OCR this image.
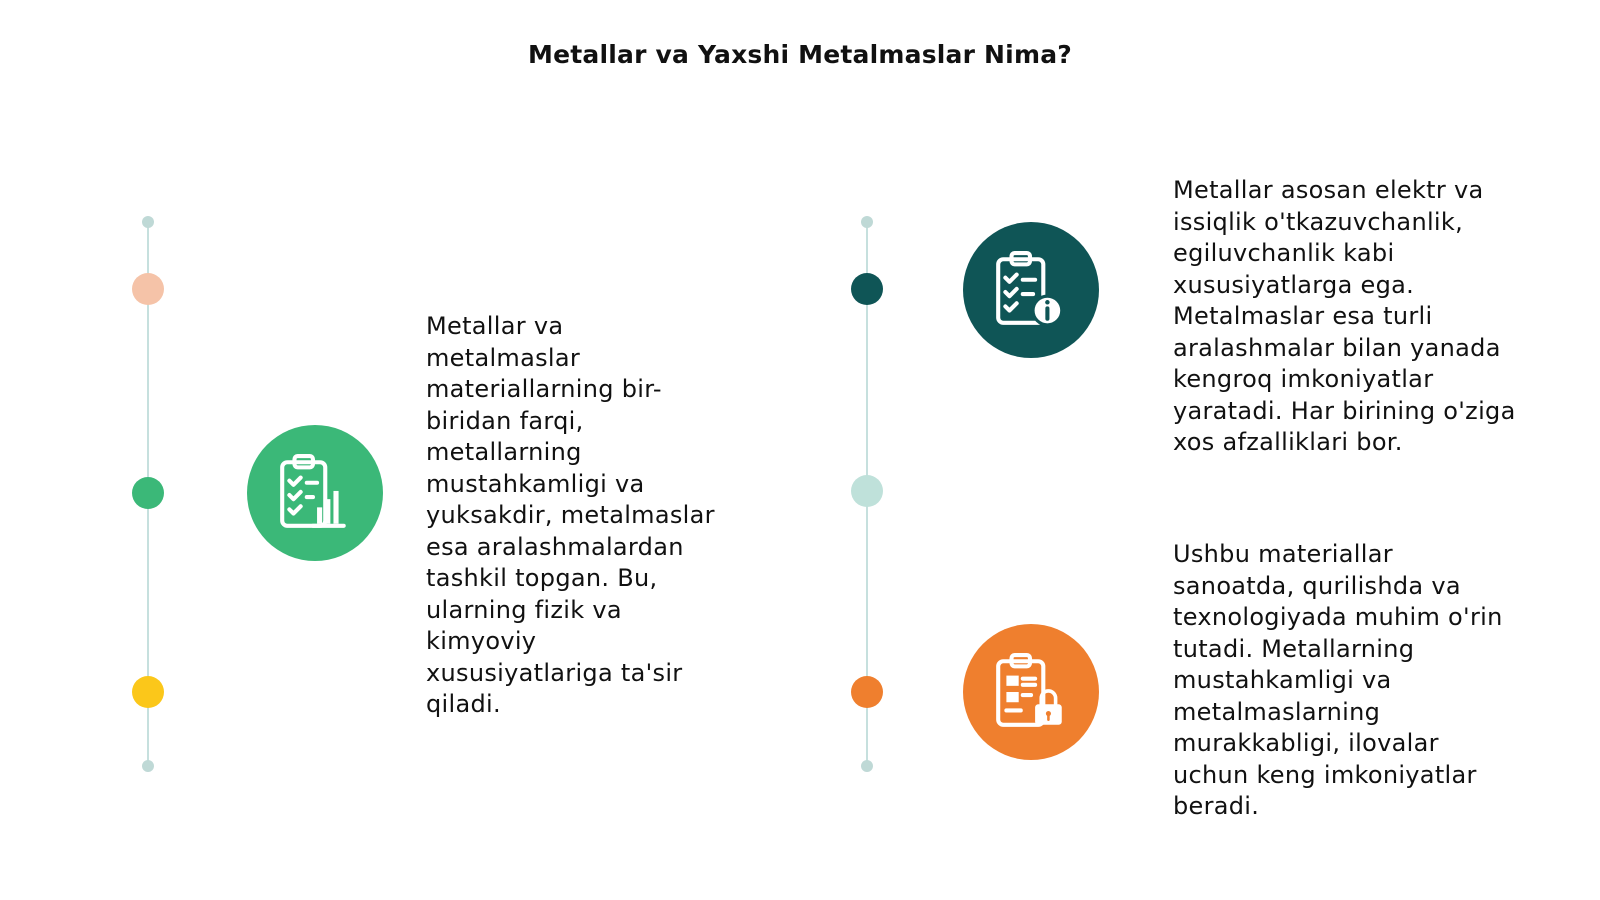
Metallar va Yaxshi Metalmaslar Nima?
Metallar va
metalmaslar
materiallarning bir-
biridan farqi,
metallarning
mustahkamligi va
yuksakdir, metalmaslar
esa aralashmalardan
tashkil topgan. Bu,
ularning fizik va
kimyoviy
xususiyatlariga ta'sir
qiladi.
Metallar asosan elektr va
issiqlik o'tkazuvchanlik,
egiluvchanlik kabi
xususiyatlarga ega.
Metalmaslar esa turli
aralashmalar bilan yanada
kengroq imkoniyatlar
yaratadi. Har birining o'ziga
xos afzalliklari bor.
Ushbu materiallar
sanoatda, qurilishda va
texnologiyada muhim o'rin
tutadi. Metallarning
mustahkamligi va
metalmaslarning
murakkabligi, ilovalar
uchun keng imkoniyatlar
beradi.
